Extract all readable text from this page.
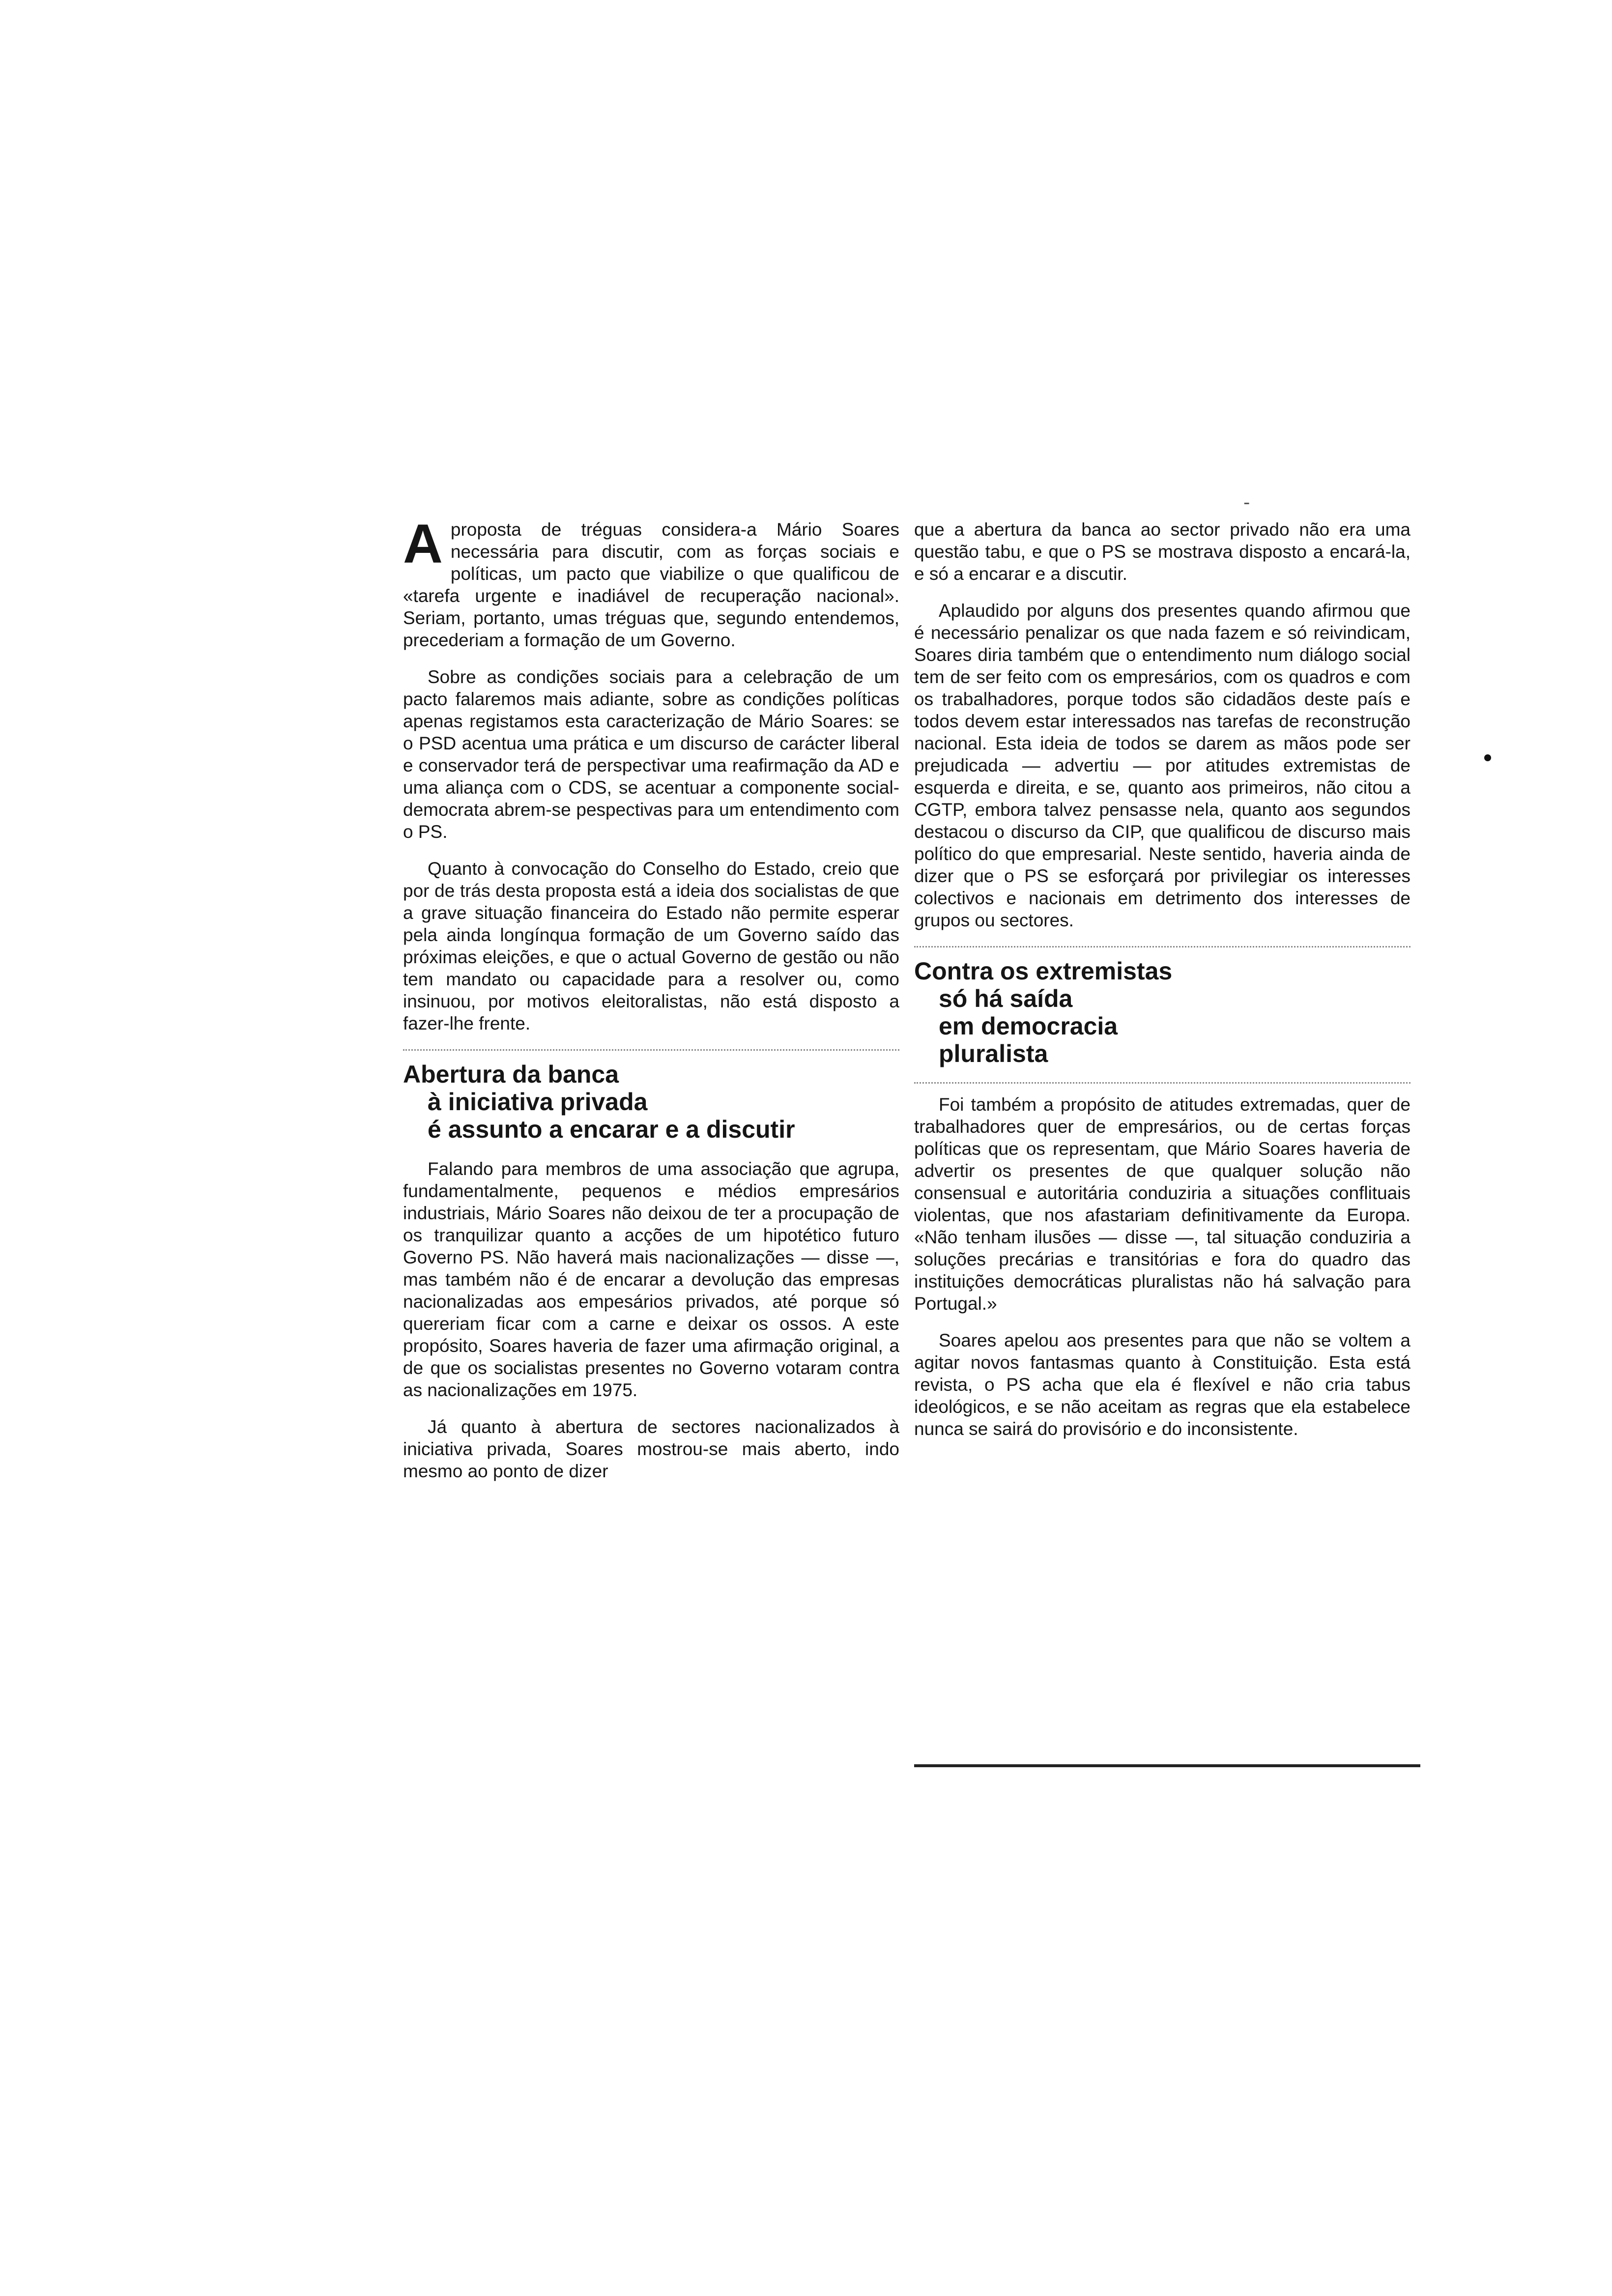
-

Aproposta de tréguas considera-a Mário Soares necessária para discutir, com as forças sociais e políticas, um pacto que viabilize o que qualificou de «tarefa urgente e inadiável de recuperação nacional». Seriam, portanto, umas tréguas que, segundo entendemos, precederiam a formação de um Governo.

Sobre as condições sociais para a celebração de um pacto falaremos mais adiante, sobre as condições políticas apenas registamos esta caracterização de Mário Soares: se o PSD acentua uma prática e um discurso de carácter liberal e conservador terá de perspectivar uma reafirmação da AD e uma aliança com o CDS, se acentuar a componente social-democrata abrem-se pespectivas para um entendimento com o PS.

Quanto à convocação do Conselho do Estado, creio que por de trás desta proposta está a ideia dos socialistas de que a grave situação financeira do Estado não permite esperar pela ainda longínqua formação de um Governo saído das próximas eleições, e que o actual Governo de gestão ou não tem mandato ou capacidade para a resolver ou, como insinuou, por motivos eleitoralistas, não está disposto a fazer-lhe frente.

Abertura da banca
à iniciativa privada
é assunto a encarar e a discutir

Falando para membros de uma associação que agrupa, fundamentalmente, pequenos e médios empresários industriais, Mário Soares não deixou de ter a procupação de os tranquilizar quanto a acções de um hipotético futuro Governo PS. Não haverá mais nacionalizações — disse —, mas também não é de encarar a devolução das empresas nacionalizadas aos empesários privados, até porque só quereriam ficar com a carne e deixar os ossos. A este propósito, Soares haveria de fazer uma afirmação original, a de que os socialistas presentes no Governo votaram contra as nacionalizações em 1975.

Já quanto à abertura de sectores nacionalizados à iniciativa privada, Soares mostrou-se mais aberto, indo mesmo ao ponto de dizer

que a abertura da banca ao sector privado não era uma questão tabu, e que o PS se mostrava disposto a encará-la, e só a encarar e a discutir.

Aplaudido por alguns dos presentes quando afirmou que é necessário penalizar os que nada fazem e só reivindicam, Soares diria também que o entendimento num diálogo social tem de ser feito com os empresários, com os quadros e com os trabalhadores, porque todos são cidadãos deste país e todos devem estar interessados nas tarefas de reconstrução nacional. Esta ideia de todos se darem as mãos pode ser prejudicada — advertiu — por atitudes extremistas de esquerda e direita, e se, quanto aos primeiros, não citou a CGTP, embora talvez pensasse nela, quanto aos segundos destacou o discurso da CIP, que qualificou de discurso mais político do que empresarial. Neste sentido, haveria ainda de dizer que o PS se esforçará por privilegiar os interesses colectivos e nacionais em detrimento dos interesses de grupos ou sectores.

Contra os extremistas
só há saída
em democracia
pluralista

Foi também a propósito de atitudes extremadas, quer de trabalhadores quer de empresários, ou de certas forças políticas que os representam, que Mário Soares haveria de advertir os presentes de que qualquer solução não consensual e autoritária conduziria a situações conflituais violentas, que nos afastariam definitivamente da Europa. «Não tenham ilusões — disse —, tal situação conduziria a soluções precárias e transitórias e fora do quadro das instituições democráticas pluralistas não há salvação para Portugal.»

Soares apelou aos presentes para que não se voltem a agitar novos fantasmas quanto à Constituição. Esta está revista, o PS acha que ela é flexível e não cria tabus ideológicos, e se não aceitam as regras que ela estabelece nunca se sairá do provisório e do inconsistente.
